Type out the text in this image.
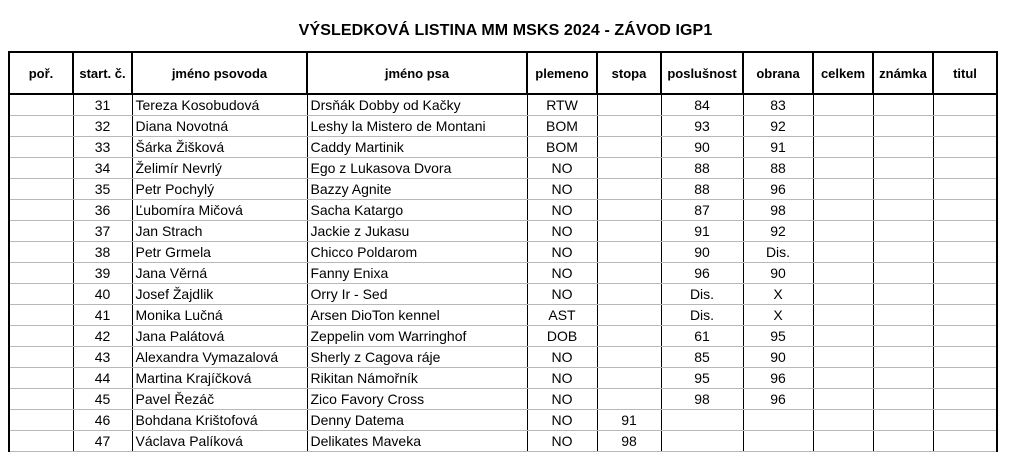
VÝSLEDKOVÁ LISTINA MM MSKS 2024 - ZÁVOD IGP1
poř.	start. č.	jméno psovoda	jméno psa	plemeno	stopa	poslušnost	obrana	celkem	známka	titul
	31	Tereza Kosobudová	Drsňák Dobby od Kačky	RTW		84	83			
	32	Diana Novotná	Leshy la Mistero de Montani	BOM		93	92			
	33	Šárka Žišková	Caddy Martinik	BOM		90	91			
	34	Želimír Nevrlý	Ego z Lukasova Dvora	NO		88	88			
	35	Petr Pochylý	Bazzy Agnite	NO		88	96			
	36	Ľubomíra Mičová	Sacha Katargo	NO		87	98			
	37	Jan Strach	Jackie z Jukasu	NO		91	92			
	38	Petr Grmela	Chicco Poldarom	NO		90	Dis.			
	39	Jana Věrná	Fanny Enixa	NO		96	90			
	40	Josef Žajdlik	Orry Ir - Sed	NO		Dis.	X			
	41	Monika Lučná	Arsen DioTon kennel	AST		Dis.	X			
	42	Jana Palátová	Zeppelin vom Warringhof	DOB		61	95			
	43	Alexandra Vymazalová	Sherly z Cagova ráje	NO		85	90			
	44	Martina Krajíčková	Rikitan Námořník	NO		95	96			
	45	Pavel Řezáč	Zico Favory Cross	NO		98	96			
	46	Bohdana Krištofová	Denny Datema	NO	91					
	47	Václava Palíková	Delikates Maveka	NO	98					
